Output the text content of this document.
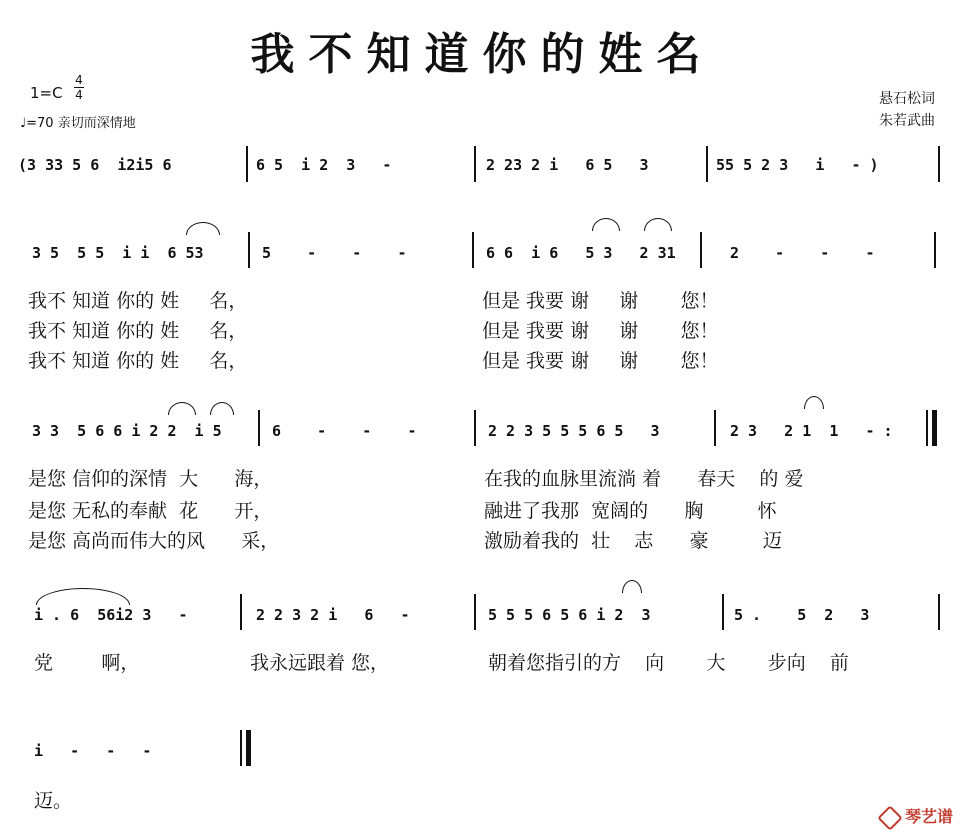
我不知道你的姓名
1=C
4
4
♩=70 亲切而深情地
悬石松词
朱若武曲
(3 33 5 6  i2i5 6	6 5  i 2  3   -	2 23 2 i   6 5   3	55 5 2 3   i   - )
3 5  5 5  i i  6 53	5    -    -    -	6 6  i 6   5 3   2 31	2    -    -    -
我不 知道 你的 姓     名，	但是 我要 谢     谢       您！
我不 知道 你的 姓     名，	但是 我要 谢     谢       您！
我不 知道 你的 姓     名，	但是 我要 谢     谢       您！
3 3  5 6 6 i 2 2  i 5	6    -    -    -	2 2 3 5 5 5 6 5   3	2 3   2 1  1   - :
是您 信仰的深情  大      海，	在我的血脉里流淌 着      春天    的 爱
是您 无私的奉献  花      开，	融进了我那  宽阔的      胸         怀
是您 高尚而伟大的风      采，	激励着我的  壮    志      豪         迈
i . 6  56i2 3   -	2 2 3 2 i   6   -	5 5 5 6 5 6 i 2  3	5 .    5  2   3
党        啊，	我永远跟着 您，	朝着您指引的方    向       大       步向    前
i   -   -   -
迈。
琴艺谱
